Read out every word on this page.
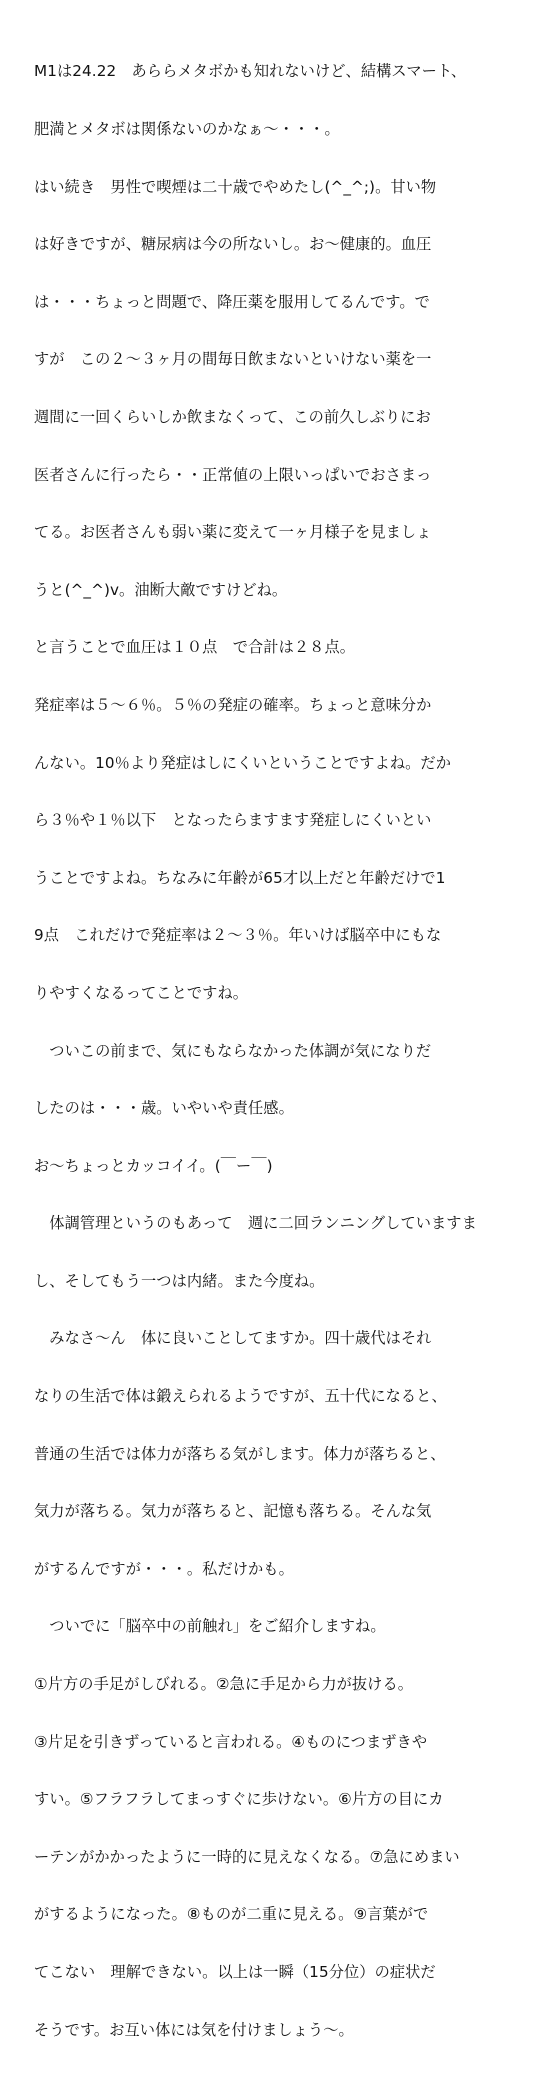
M1は24.22　あららメタボかも知れないけど、結構スマート、

肥満とメタボは関係ないのかなぁ〜・・・。

はい続き　男性で喫煙は二十歳でやめたし(^_^;)。甘い物

は好きですが、糖尿病は今の所ないし。お〜健康的。血圧

は・・・ちょっと問題で、降圧薬を服用してるんです。で

すが　この２〜３ヶ月の間毎日飲まないといけない薬を一

週間に一回くらいしか飲まなくって、この前久しぶりにお

医者さんに行ったら・・正常値の上限いっぱいでおさまっ

てる。お医者さんも弱い薬に変えて一ヶ月様子を見ましょ

うと(^_^)v。油断大敵ですけどね。

と言うことで血圧は１０点　で合計は２８点。

発症率は５〜６％。５％の発症の確率。ちょっと意味分か

んない。10％より発症はしにくいということですよね。だか

ら３％や１％以下　となったらますます発症しにくいとい

うことですよね。ちなみに年齢が65才以上だと年齢だけで1

9点　これだけで発症率は２〜３％。年いけば脳卒中にもな

りやすくなるってことですね。

　ついこの前まで、気にもならなかった体調が気になりだ

したのは・・・歳。いやいや責任感。

お〜ちょっとカッコイイ。(￣ー￣)

　体調管理というのもあって　週に二回ランニングしていますま

し、そしてもう一つは内緒。また今度ね。

　みなさ〜ん　体に良いことしてますか。四十歳代はそれ

なりの生活で体は鍛えられるようですが、五十代になると、

普通の生活では体力が落ちる気がします。体力が落ちると、

気力が落ちる。気力が落ちると、記憶も落ちる。そんな気

がするんですが・・・。私だけかも。

　ついでに「脳卒中の前触れ」をご紹介しますね。

①片方の手足がしびれる。②急に手足から力が抜ける。

③片足を引きずっていると言われる。④ものにつまずきや

すい。⑤フラフラしてまっすぐに歩けない。⑥片方の目にカ

ーテンがかかったように一時的に見えなくなる。⑦急にめまい

がするようになった。⑧ものが二重に見える。⑨言葉がで

てこない　理解できない。以上は一瞬（15分位）の症状だ

そうです。お互い体には気を付けましょう〜。
